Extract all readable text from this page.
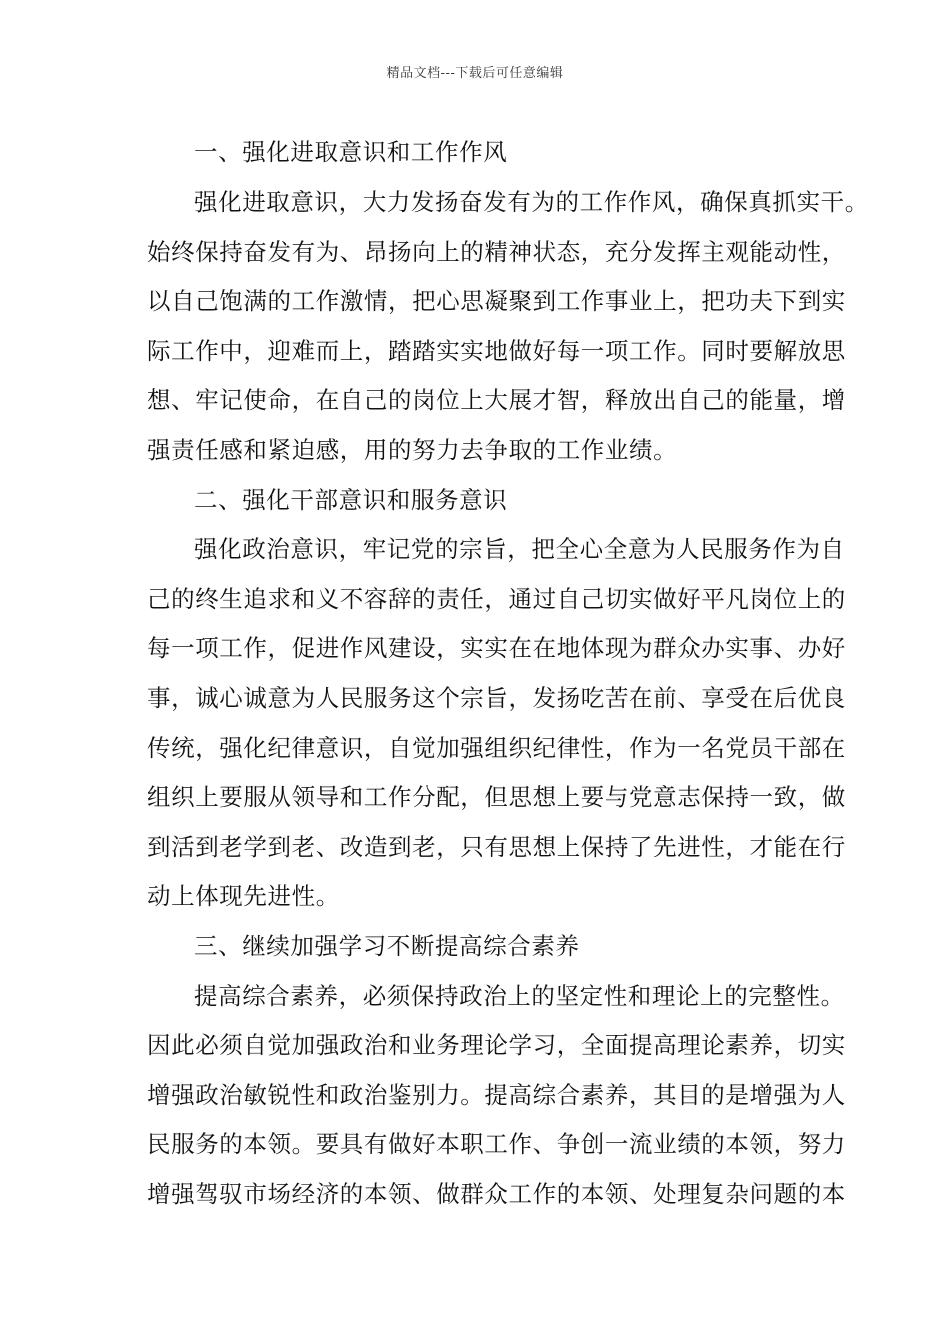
精品文档---下载后可任意编辑
一、强化进取意识和工作作风
强化进取意识，大力发扬奋发有为的工作作风，确保真抓实干。
始终保持奋发有为、昂扬向上的精神状态，充分发挥主观能动性，
以自己饱满的工作激情，把心思凝聚到工作事业上，把功夫下到实
际工作中，迎难而上，踏踏实实地做好每一项工作。同时要解放思
想、牢记使命，在自己的岗位上大展才智，释放出自己的能量，增
强责任感和紧迫感，用的努力去争取的工作业绩。
二、强化干部意识和服务意识
强化政治意识，牢记党的宗旨，把全心全意为人民服务作为自
己的终生追求和义不容辞的责任，通过自己切实做好平凡岗位上的
每一项工作，促进作风建设，实实在在地体现为群众办实事、办好
事，诚心诚意为人民服务这个宗旨，发扬吃苦在前、享受在后优良
传统，强化纪律意识，自觉加强组织纪律性，作为一名党员干部在
组织上要服从领导和工作分配，但思想上要与党意志保持一致，做
到活到老学到老、改造到老，只有思想上保持了先进性，才能在行
动上体现先进性。
三、继续加强学习不断提高综合素养
提高综合素养，必须保持政治上的坚定性和理论上的完整性。
因此必须自觉加强政治和业务理论学习，全面提高理论素养，切实
增强政治敏锐性和政治鉴别力。提高综合素养，其目的是增强为人
民服务的本领。要具有做好本职工作、争创一流业绩的本领，努力
增强驾驭市场经济的本领、做群众工作的本领、处理复杂问题的本
